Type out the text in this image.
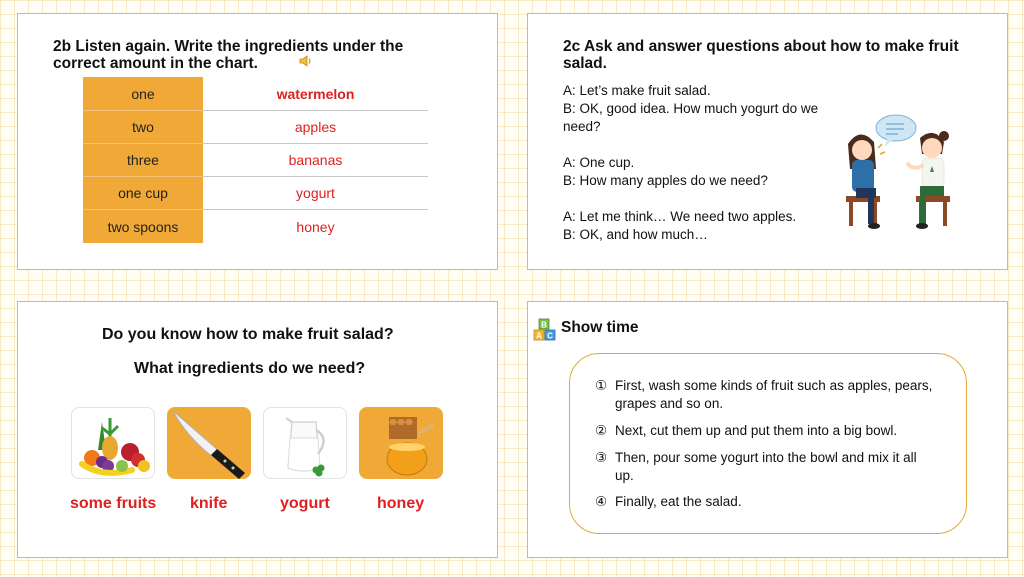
2b Listen again. Write the ingredients under the correct amount in the chart.
one	watermelon
two	apples
three	bananas
one cup	yogurt
two spoons	honey
2c Ask and answer questions about how to make fruit salad.

A: Let’s make fruit salad.

B: OK, good idea. How much yogurt do we need?

A: One cup.

B: How many apples do we need?

A: Let me think… We need two apples.

B: OK, and how much…

Do you know how to make fruit salad?
What ingredients do we need?
some fruits knife	yogurt	honey
B
A C Show time
① First, wash some kinds of fruit such as apples, pears, grapes and so on.
② Next, cut them up and put them into a big bowl.
③ Then, pour some yogurt into the bowl and mix it all up.
④ Finally, eat the salad.
